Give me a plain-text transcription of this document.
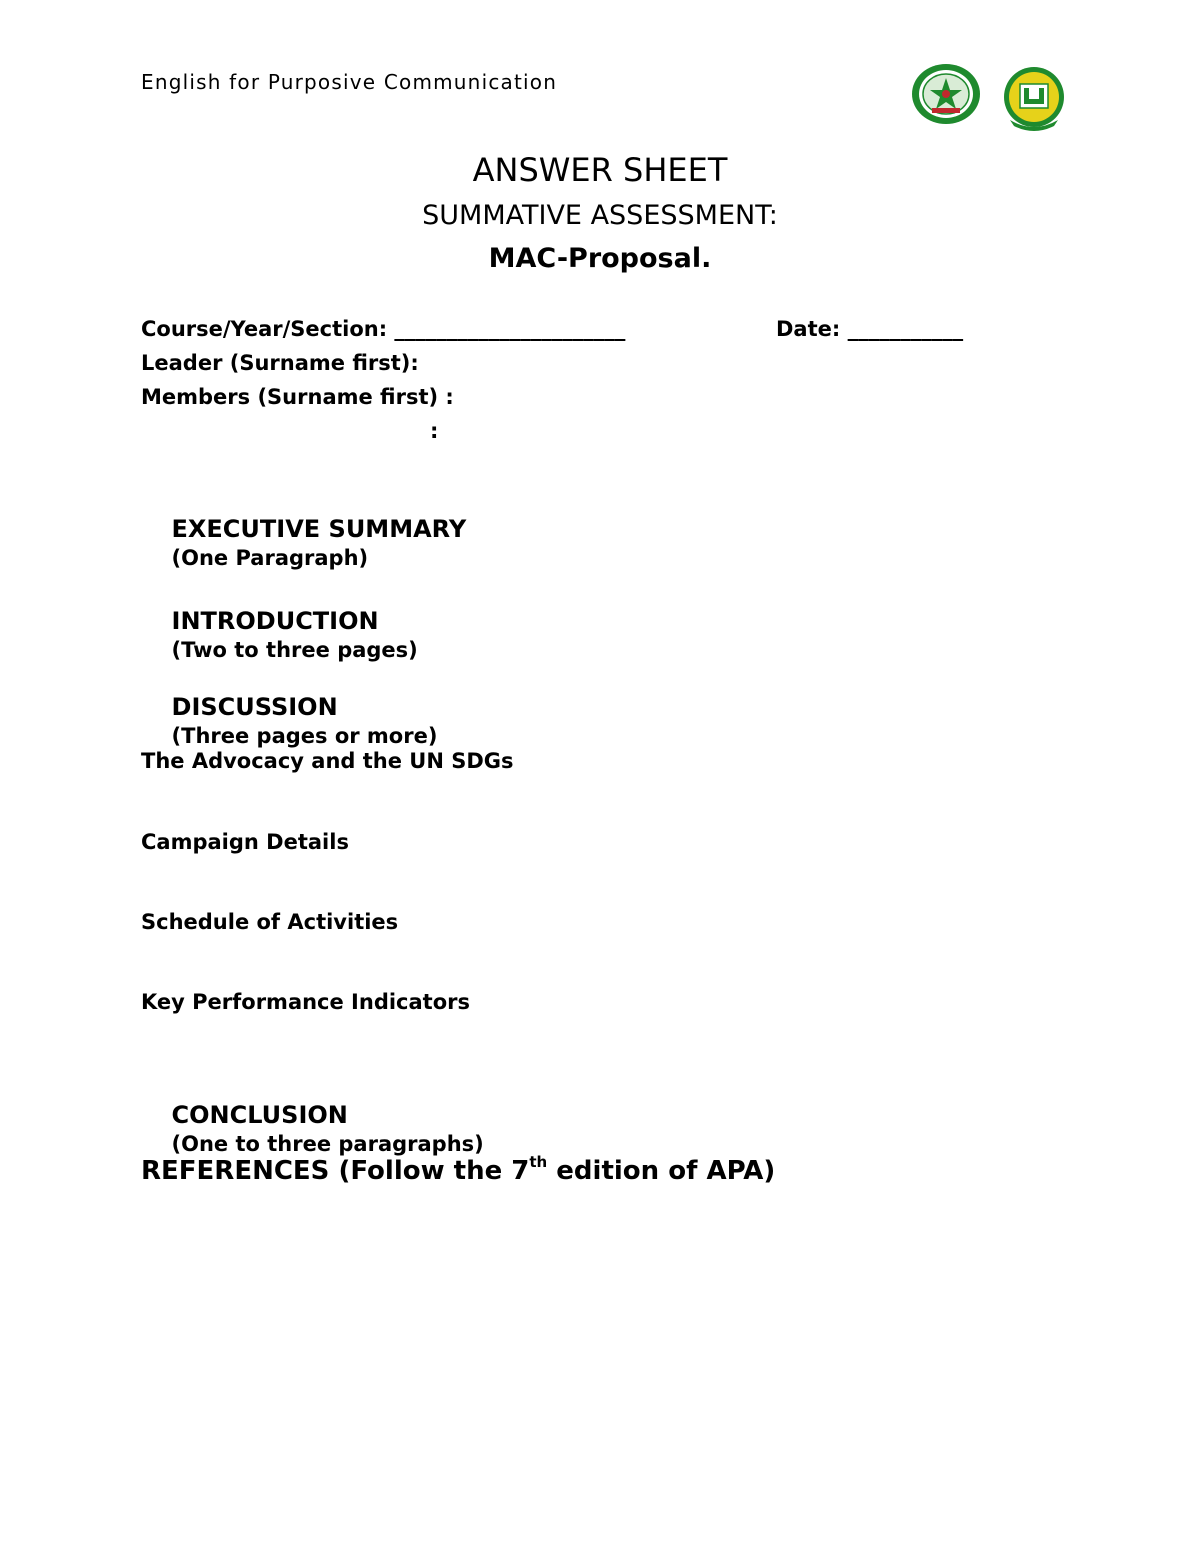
English for Purposive Communication
ANSWER SHEET
SUMMATIVE ASSESSMENT:
MAC-Proposal.
Course/Year/Section: ______________________	Date: ___________
Leader (Surname first):
Members (Surname first) :
:

EXECUTIVE SUMMARY
(One Paragraph)

INTRODUCTION
(Two to three pages)

DISCUSSION
(Three pages or more)

The Advocacy and the UN SDGs
Campaign Details
Schedule of Activities
Key Performance Indicators

CONCLUSION
(One to three paragraphs)

REFERENCES (Follow the 7th edition of APA)
